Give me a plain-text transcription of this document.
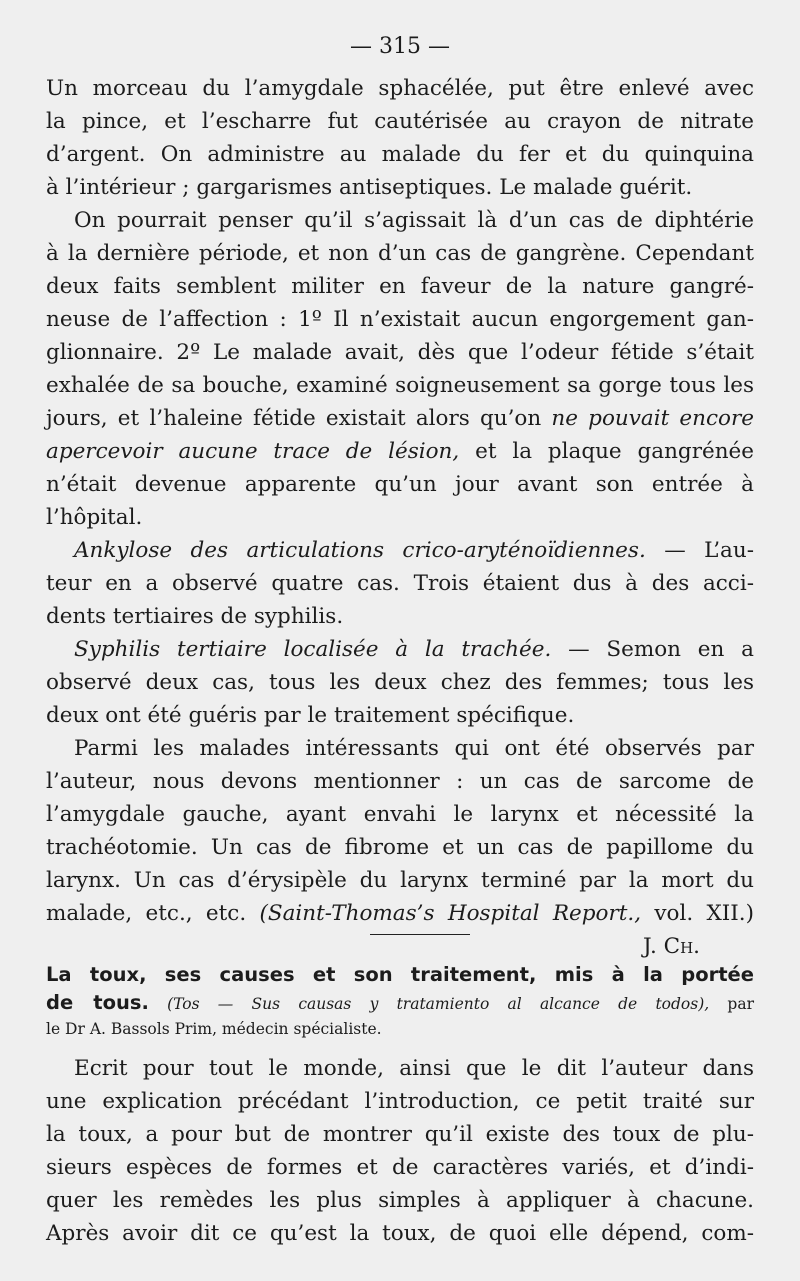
— 315 —
Un morceau du l’amygdale sphacélée, put être enlevé avec
la pince, et l’escharre fut cautérisée au crayon de nitrate
d’argent. On administre au malade du fer et du quinquina
à l’intérieur ; gargarismes antiseptiques. Le malade guérit.
On pourrait penser qu’il s’agissait là d’un cas de diphtérie
à la dernière période, et non d’un cas de gangrène. Cependant
deux faits semblent militer en faveur de la nature gangré-
neuse de l’affection : 1º Il n’existait aucun engorgement gan-
glionnaire. 2º Le malade avait, dès que l’odeur fétide s’était
exhalée de sa bouche, examiné soigneusement sa gorge tous les
jours, et l’haleine fétide existait alors qu’on ne pouvait encore
apercevoir aucune trace de lésion, et la plaque gangrénée
n’était devenue apparente qu’un jour avant son entrée à
l’hôpital.
Ankylose des articulations crico-aryténoïdiennes. — L’au-
teur en a observé quatre cas. Trois étaient dus à des acci-
dents tertiaires de syphilis.
Syphilis tertiaire localisée à la trachée. — Semon en a
observé deux cas, tous les deux chez des femmes; tous les
deux ont été guéris par le traitement spécifique.
Parmi les malades intéressants qui ont été observés par
l’auteur, nous devons mentionner : un cas de sarcome de
l’amygdale gauche, ayant envahi le larynx et nécessité la
trachéotomie. Un cas de fibrome et un cas de papillome du
larynx. Un cas d’érysipèle du larynx terminé par la mort du
malade, etc., etc. (Saint-Thomas’s Hospital Report., vol. XII.)
J. Ch.
La toux, ses causes et son traitement, mis à la portée
de tous. (Tos — Sus causas y tratamiento al alcance de todos), par
le Dr A. Bassols Prim, médecin spécialiste.
Ecrit pour tout le monde, ainsi que le dit l’auteur dans
une explication précédant l’introduction, ce petit traité sur
la toux, a pour but de montrer qu’il existe des toux de plu-
sieurs espèces de formes et de caractères variés, et d’indi-
quer les remèdes les plus simples à appliquer à chacune.
Après avoir dit ce qu’est la toux, de quoi elle dépend, com-
